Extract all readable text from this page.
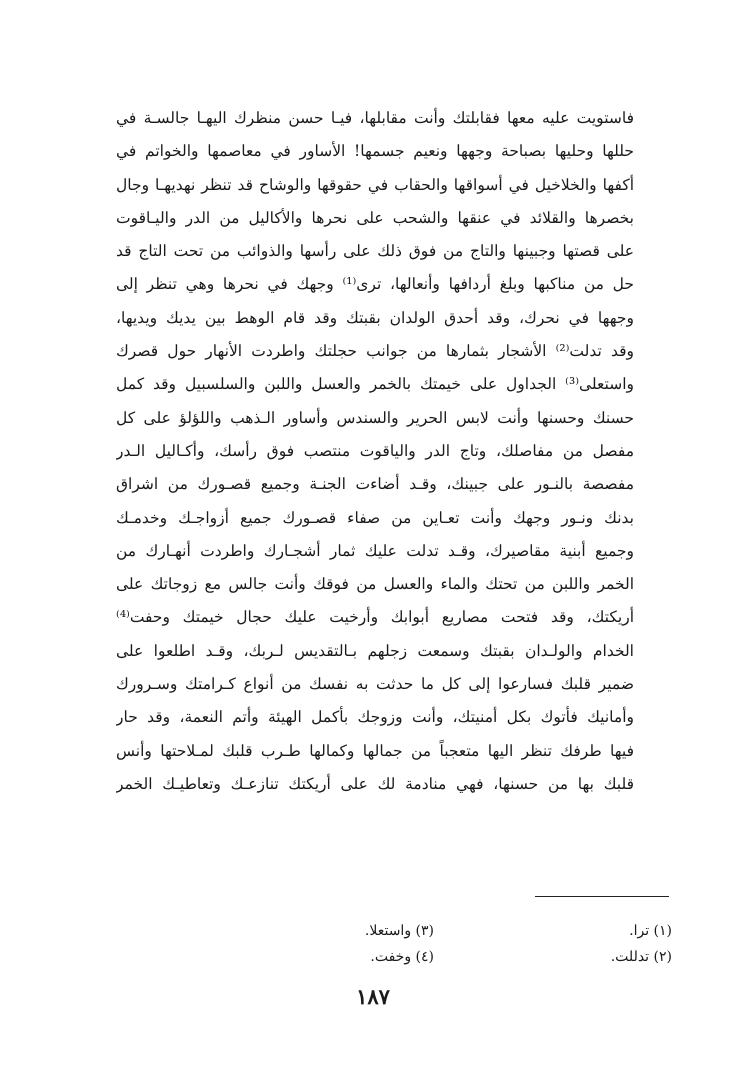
فاستويت عليه معها فقابلتك وأنت مقابلها، فيـا حسن منظرك اليهـا جالسـة في
حللها وحليها بصباحة وجهها ونعيم جسمها! الأساور في معاصمها والخواتم في
أكفها والخلاخيل في أسواقها والحقاب في حقوقها والوشاح قد تنظر نهديهـا وجال
بخصرها والقلائد في عنقها والشحب على نحرها والأكاليل من الدر واليـاقوت
على قصتها وجبينها والتاج من فوق ذلك على رأسها والذوائب من تحت التاج قد
حل من مناكبها وبلغ أردافها وأنعالها، ترى⁽¹⁾ وجهك في نحرها وهي تنظر إلى
وجهها في نحرك، وقد أحدق الولدان بقبتك وقد قام الوهط بين يديك ويديها،
وقد تدلت⁽²⁾ الأشجار بثمارها من جوانب حجلتك واطردت الأنهار حول قصرك
واستعلى⁽³⁾ الجداول على خيمتك بالخمر والعسل واللبن والسلسبيل وقد كمل
حسنك وحسنها وأنت لابس الحرير والسندس وأساور الـذهب واللؤلؤ على كل
مفصل من مفاصلك، وتاج الدر والياقوت منتصب فوق رأسك، وأكـاليل الـدر
مفصصة بالنـور على جبينك، وقـد أضاءت الجنـة وجميع قصـورك من اشراق
بدنك ونـور وجهك وأنت تعـاين من صفاء قصـورك جميع أزواجـك وخدمـك
وجميع أبنية مقاصيرك، وقـد تدلت عليك ثمار أشجـارك واطردت أنهـارك من
الخمر واللبن من تحتك والماء والعسل من فوقك وأنت جالس مع زوجاتك على
أريكتك، وقد فتحت مصاريع أبوابك وأرخيت عليك حجال خيمتك وحفت⁽⁴⁾
الخدام والولـدان بقبتك وسمعت زجلهم بـالتقديس لـربك، وقـد اطلعوا على
ضمير قلبك فسارعوا إلى كل ما حدثت به نفسك من أنواع كـرامتك وسـرورك
وأمانيك فأتوك بكل أمنيتك، وأنت وزوجك بأكمل الهيئة وأتم النعمة، وقد حار
فيها طرفك تنظر اليها متعجباً من جمالها وكمالها طـرب قلبك لمـلاحتها وأنس
قلبك بها من حسنها، فهي منادمة لك على أريكتك تنازعـك وتعاطيـك الخمر
(١) ترا.
(٢) تدللت.
(٣) واستعلا.
(٤) وخفت.
١٨٧
